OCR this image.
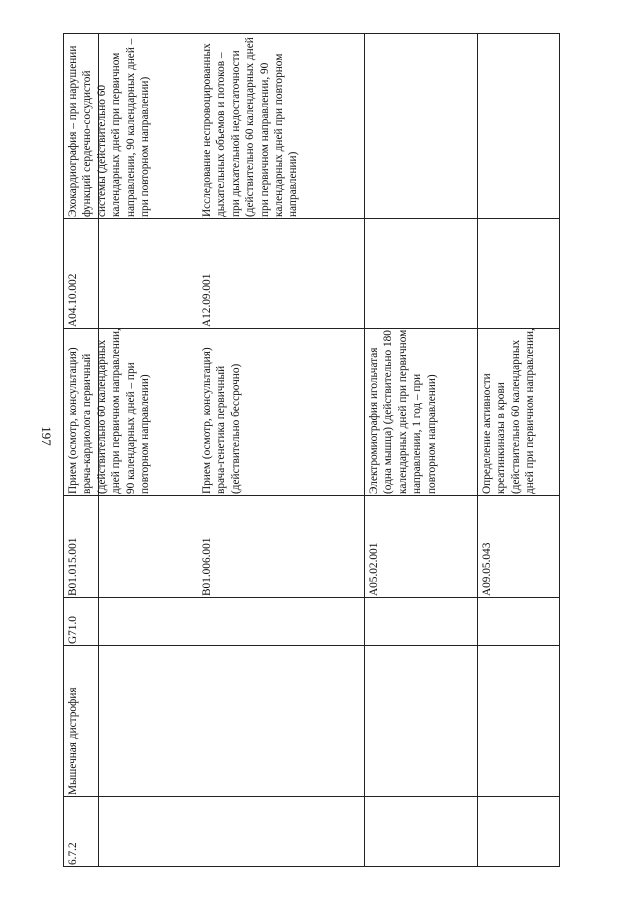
197
6.7.2
Мышечная дистрофия
G71.0
B01.015.001
Прием (осмотр, консультация) врача-кардиолога первичный (действительно 60 календарных дней при первичном направлении, 90 календарных дней – при повторном направлении)
A04.10.002
Эхокардиография – при нарушении функций сердечно-сосудистой системы (действительно 60 календарных дней при первичном направлении, 90 календарных дней – при повторном направлении)
B01.006.001
Прием (осмотр, консультация) врача-генетика первичный (действительно бессрочно)
A12.09.001
Исследование неспровоцированных дыхательных объемов и потоков – при дыхательной недостаточности (действительно 60 календарных дней при первичном направлении, 90 календарных дней при повторном направлении)
A05.02.001
Электромиография игольчатая (одна мышца) (действительно 180 календарных дней при первичном направлении, 1 год – при повторном направлении)
A09.05.043
Определение активности креатинкиназы в крови (действительно 60 календарных дней при первичном направлении,
